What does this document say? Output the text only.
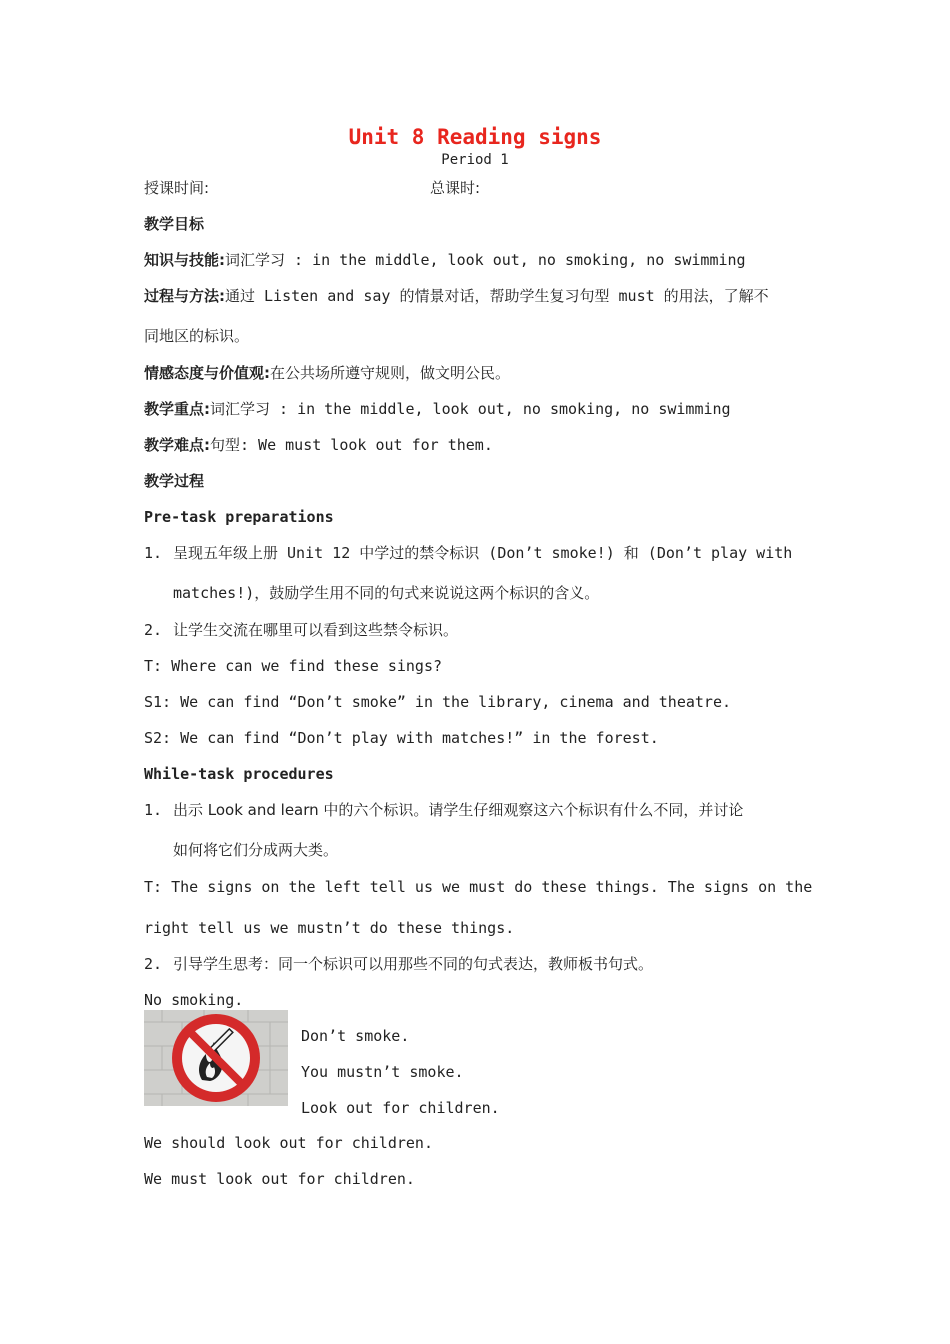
Unit 8 Reading signs
Period 1
授课时间:	总课时:
教学目标
知识与技能:词汇学习 : in the middle, look out, no smoking, no swimming
过程与方法:通过 Listen and say 的情景对话，帮助学生复习句型 must 的用法，了解不
同地区的标识。
情感态度与价值观:在公共场所遵守规则，做文明公民。
教学重点:词汇学习 : in the middle, look out, no smoking, no swimming
教学难点:句型: We must look out for them.
教学过程
Pre-task preparations
1. 呈现五年级上册 Unit 12 中学过的禁令标识 (Don’t smoke!) 和 (Don’t play with
matches!)，鼓励学生用不同的句式来说说这两个标识的含义。
2. 让学生交流在哪里可以看到这些禁令标识。
T: Where can we find these sings?
S1: We can find “Don’t smoke” in the library, cinema and theatre.
S2: We can find “Don’t play with matches!” in the forest.
While-task procedures
1. 出示 Look and learn 中的六个标识。请学生仔细观察这六个标识有什么不同，并讨论
如何将它们分成两大类。
T: The signs on the left tell us we must do these things. The signs on the
right tell us we mustn’t do these things.
2. 引导学生思考：同一个标识可以用那些不同的句式表达，教师板书句式。
No smoking.
Don’t smoke.
You mustn’t smoke.
Look out for children.
We should look out for children.
We must look out for children.
